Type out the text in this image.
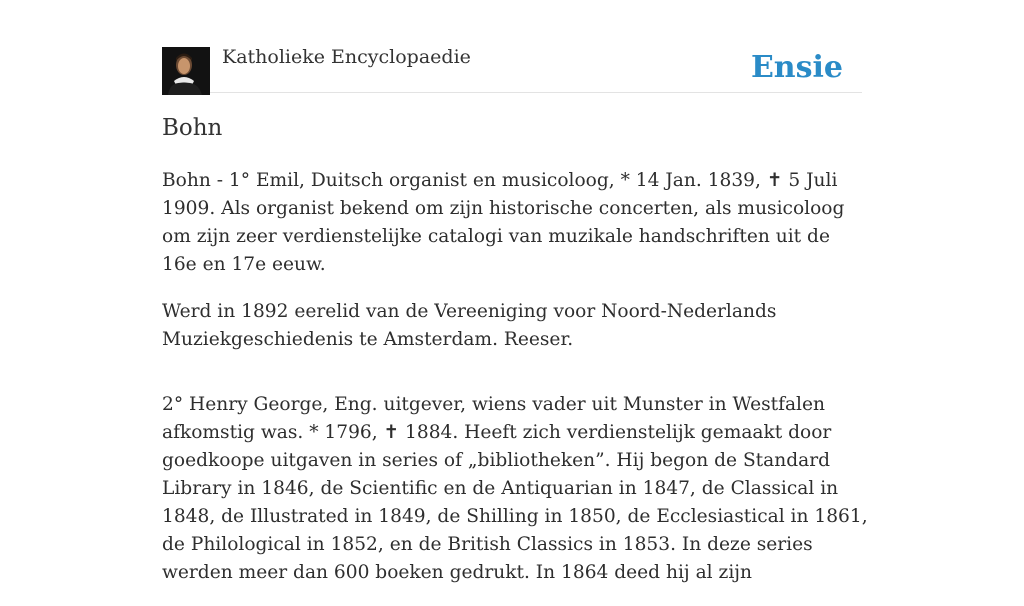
Katholieke Encyclopaedie	Ensie
Bohn

Bohn - 1° Emil, Duitsch organist en musicoloog, * 14 Jan. 1839, ✝ 5 Juli 1909. Als organist bekend om zijn historische concerten, als musicoloog om zijn zeer verdienstelijke catalogi van muzikale handschriften uit de 16e en 17e eeuw.

Werd in 1892 eerelid van de Vereeniging voor Noord-Nederlands Muziekgeschiedenis te Amsterdam. Reeser.

2° Henry George, Eng. uitgever, wiens vader uit Munster in Westfalen afkomstig was. * 1796, ✝ 1884. Heeft zich verdienstelijk gemaakt door goedkoope uitgaven in series of „bibliotheken”. Hij begon de Standard Library in 1846, de Scientific en de Antiquarian in 1847, de Classical in 1848, de Illustrated in 1849, de Shilling in 1850, de Ecclesiastical in 1861, de Philological in 1852, en de British Classics in 1853. In deze series werden meer dan 600 boeken gedrukt. In 1864 deed hij al zijn
